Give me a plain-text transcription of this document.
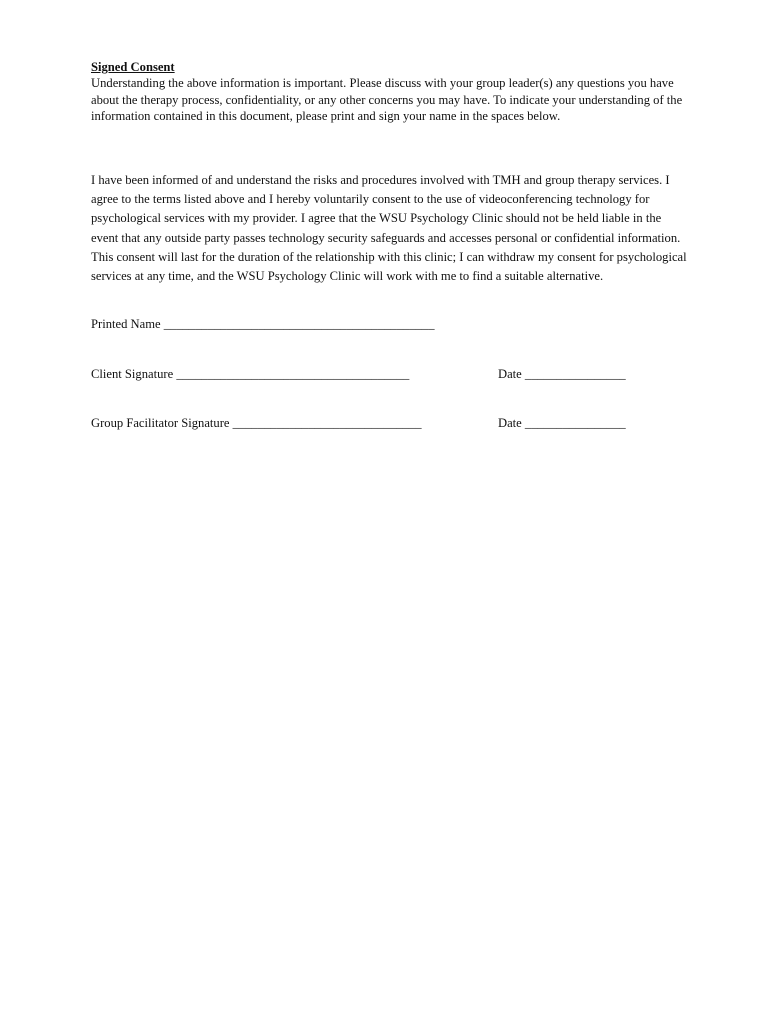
Signed Consent
Understanding the above information is important. Please discuss with your group leader(s) any questions you have about the therapy process, confidentiality, or any other concerns you may have. To indicate your understanding of the information contained in this document, please print and sign your name in the spaces below.
I have been informed of and understand the risks and procedures involved with TMH and group therapy services. I agree to the terms listed above and I hereby voluntarily consent to the use of videoconferencing technology for psychological services with my provider. I agree that the WSU Psychology Clinic should not be held liable in the event that any outside party passes technology security safeguards and accesses personal or confidential information. This consent will last for the duration of the relationship with this clinic; I can withdraw my consent for psychological services at any time, and the WSU Psychology Clinic will work with me to find a suitable alternative.
Printed Name ___________________________________________
Client Signature _____________________________________	Date ________________
Group Facilitator Signature ______________________________	Date ________________
